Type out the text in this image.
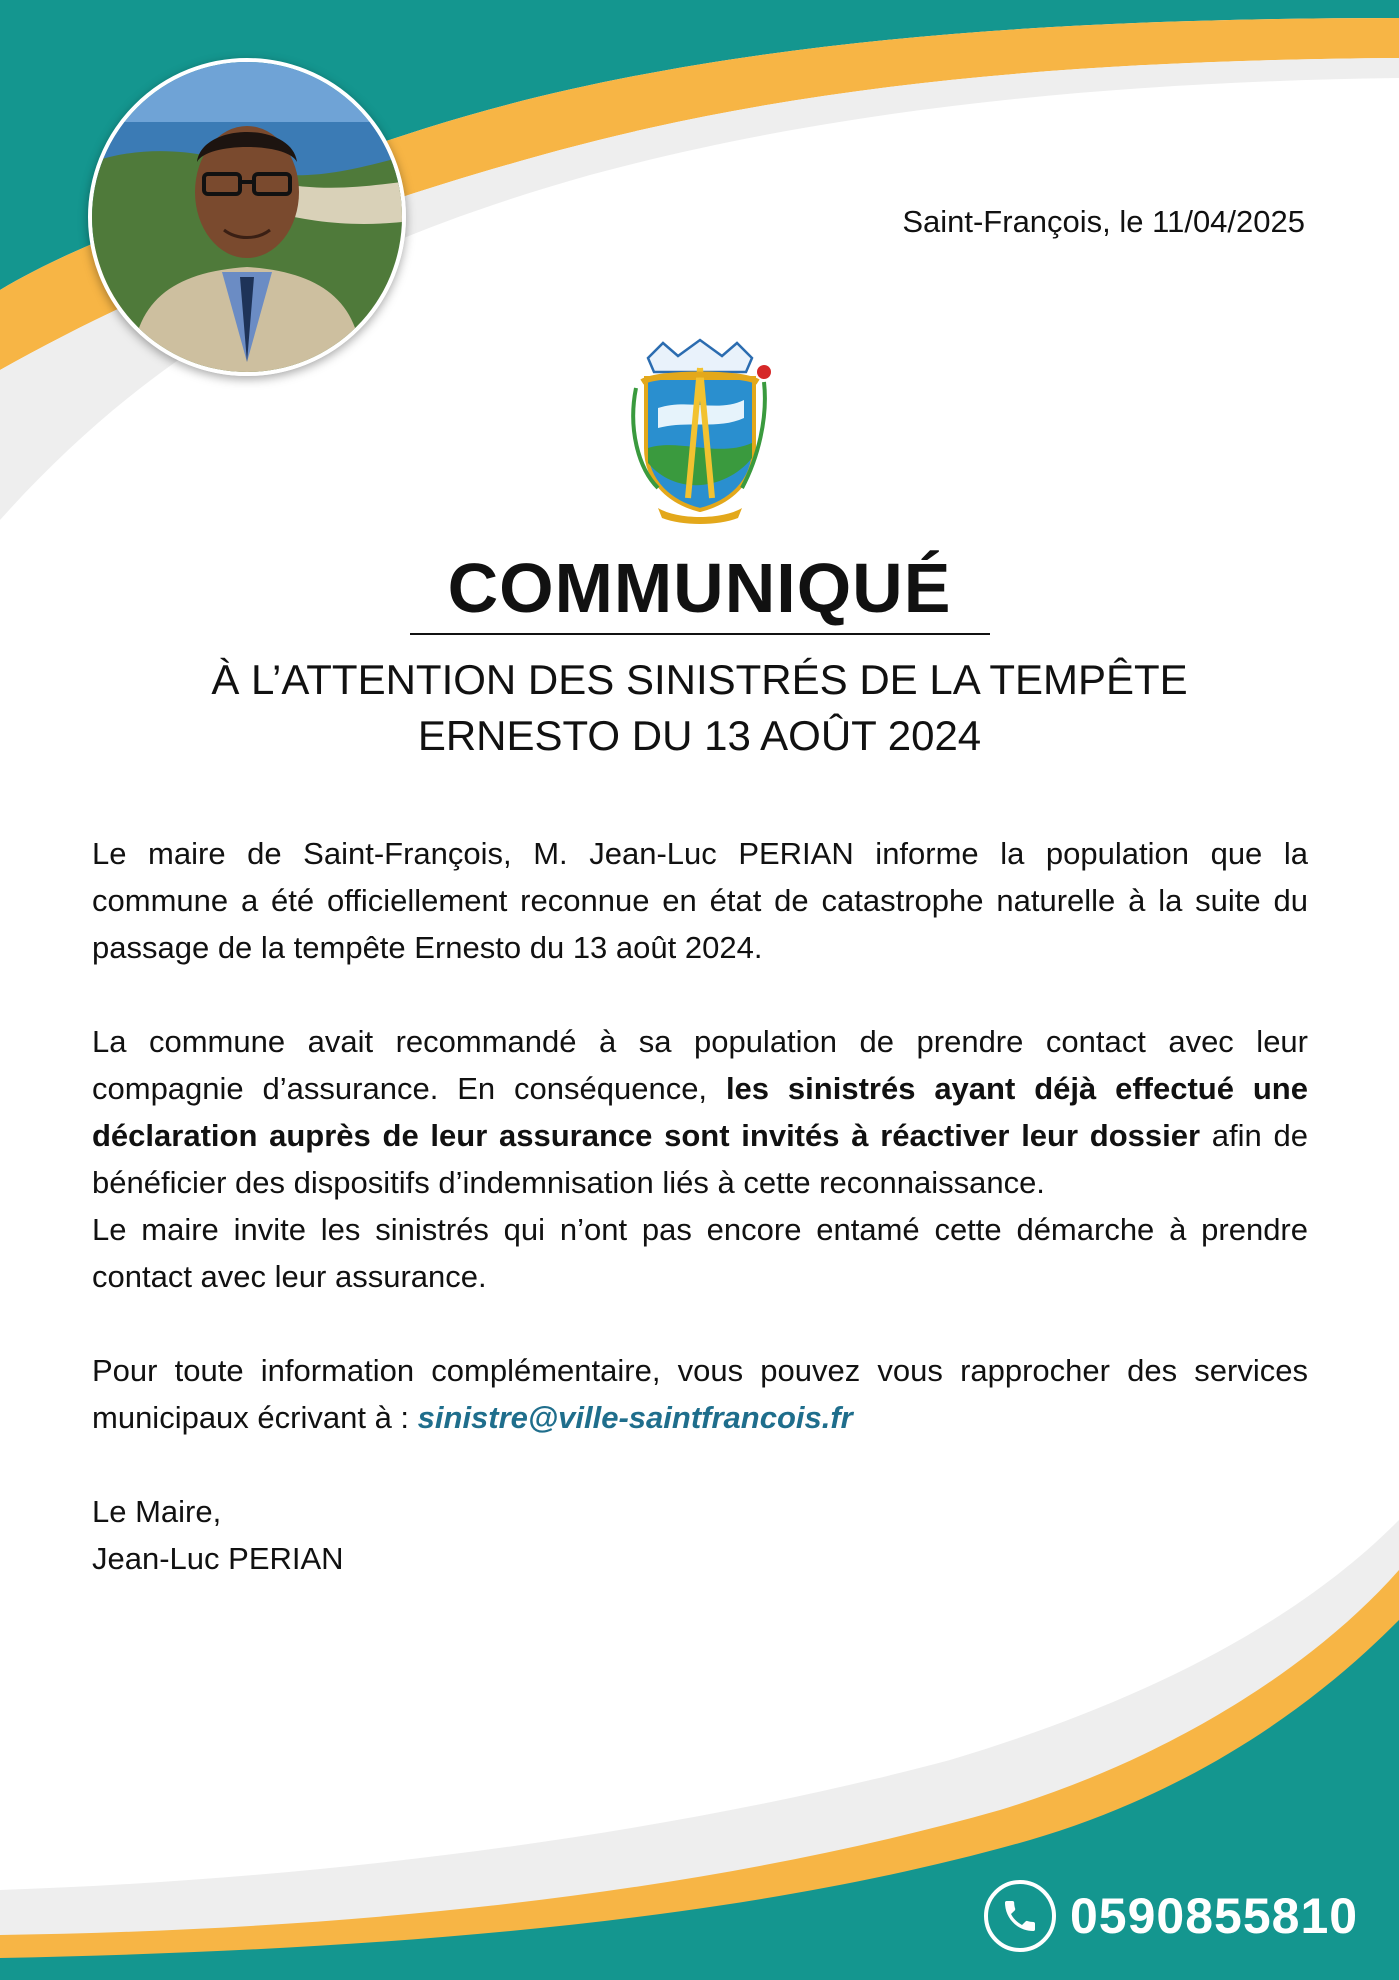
Saint-François, le 11/04/2025
COMMUNIQUÉ
À L’ATTENTION DES SINISTRÉS DE LA TEMPÊTE
ERNESTO DU 13 AOÛT 2024

Le maire de Saint-François, M. Jean-Luc PERIAN informe la population que la commune a été officiellement reconnue en état de catastrophe naturelle à la suite du passage de la tempête Ernesto du 13 août 2024.

La commune avait recommandé à sa population de prendre contact avec leur compagnie d’assurance. En conséquence, les sinistrés ayant déjà effectué une déclaration auprès de leur assurance sont invités à réactiver leur dossier afin de bénéficier des dispositifs d’indemnisation liés à cette reconnaissance.

Le maire invite les sinistrés qui n’ont pas encore entamé cette démarche à prendre contact avec leur assurance.

Pour toute information complémentaire, vous pouvez vous rapprocher des services municipaux écrivant à : sinistre@ville-saintfrancois.fr

Le Maire,

Jean-Luc PERIAN

0590855810
